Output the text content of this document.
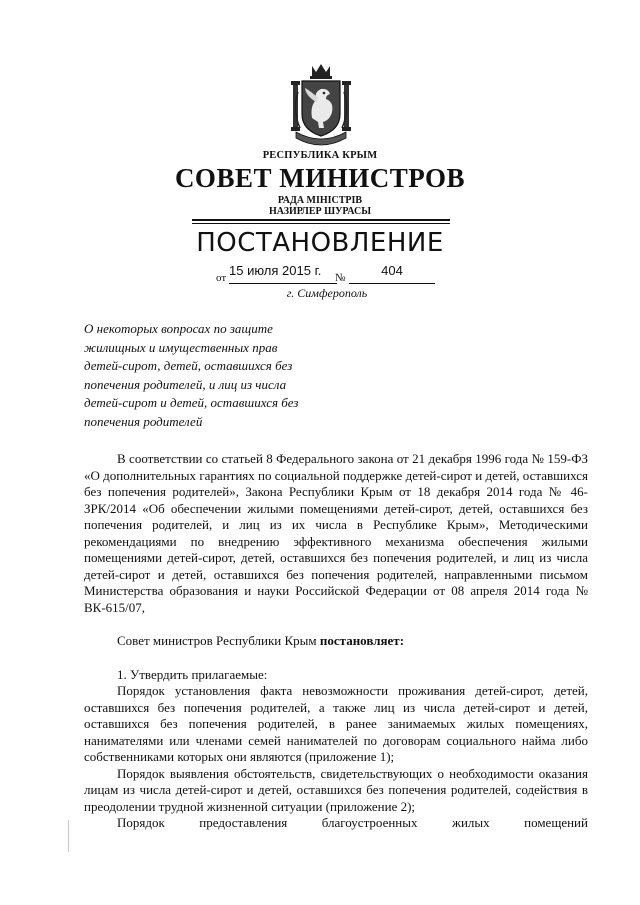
РЕСПУБЛИКА КРЫМ
СОВЕТ МИНИСТРОВ
РАДА МІНІСТРІВ
НАЗИРЛЕР ШУРАСЫ
ПОСТАНОВЛЕНИЕ
от 15 июля 2015 г.	№	404
г. Симферополь
О некоторых вопросах по защите
жилищных и имущественных прав
детей-сирот, детей, оставшихся без
попечения родителей, и лиц из числа
детей-сирот и детей, оставшихся без
попечения родителей

В соответствии со статьей 8 Федерального закона от 21 декабря 1996 года № 159-ФЗ «О дополнительных гарантиях по социальной поддержке детей-сирот и детей, оставшихся без попечения родителей», Закона Республики Крым от 18 декабря 2014 года № 46-ЗРК/2014 «Об обеспечении жилыми помещениями детей-сирот, детей, оставшихся без попечения родителей, и лиц из их числа в Республике Крым», Методическими рекомендациями по внедрению эффективного механизма обеспечения жилыми помещениями детей-сирот, детей, оставшихся без попечения родителей, и лиц из числа детей-сирот и детей, оставшихся без попечения родителей, направленными письмом Министерства образования и науки Российской Федерации от 08 апреля 2014 года № ВК-615/07,

Совет министров Республики Крым постановляет:

1. Утвердить прилагаемые:

Порядок установления факта невозможности проживания детей-сирот, детей, оставшихся без попечения родителей, а также лиц из числа детей-сирот и детей, оставшихся без попечения родителей, в ранее занимаемых жилых помещениях, нанимателями или членами семей нанимателей по договорам социального найма либо собственниками которых они являются (приложение 1);

Порядок выявления обстоятельств, свидетельствующих о необходимости оказания лицам из числа детей-сирот и детей, оставшихся без попечения родителей, содействия в преодолении трудной жизненной ситуации (приложение 2);

Порядок	предоставления	благоустроенных	жилых	помещений
